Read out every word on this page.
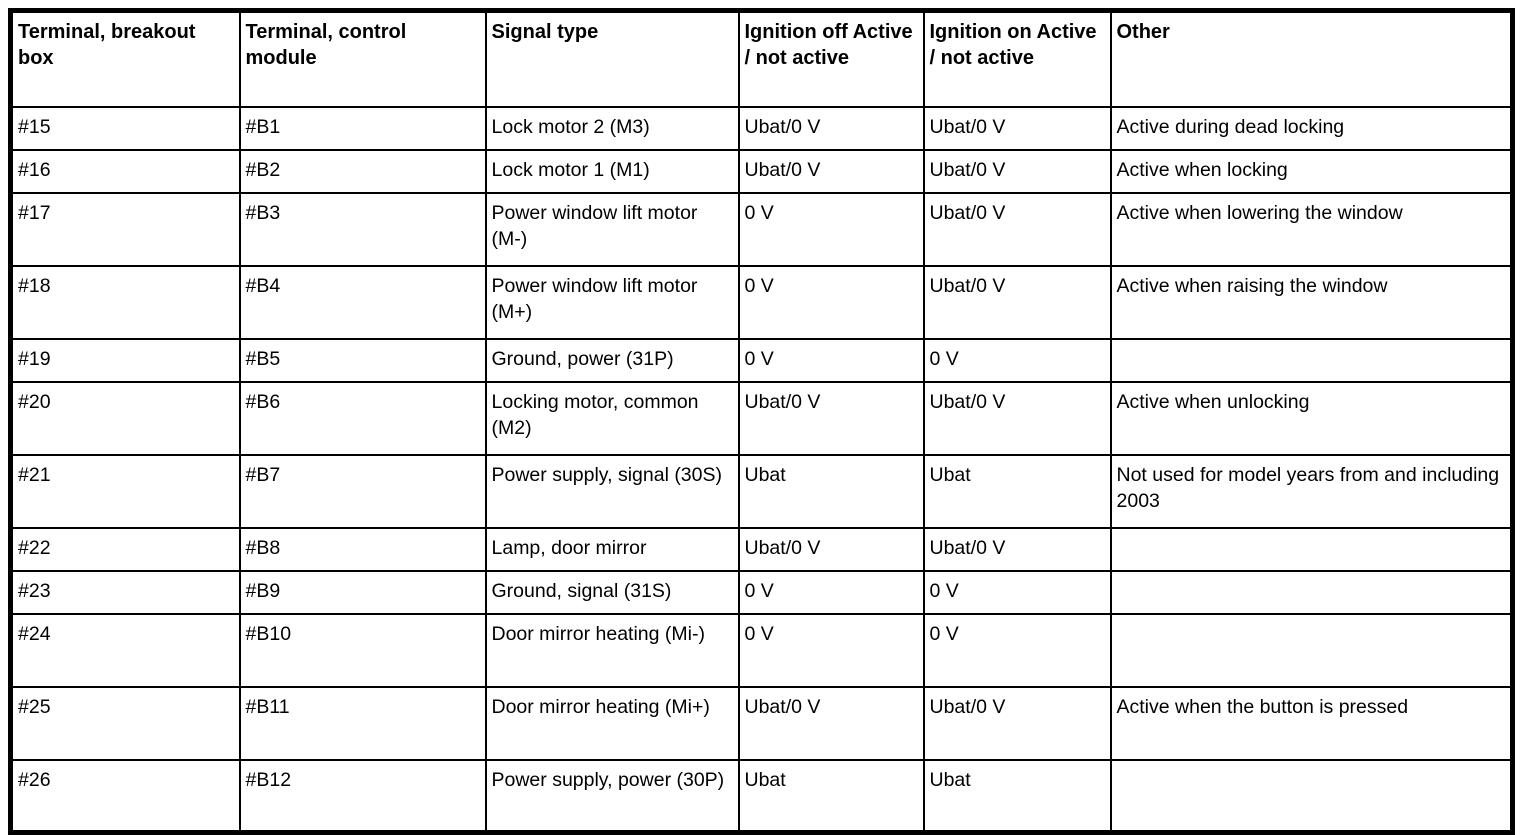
Terminal, breakout box	Terminal, control module	Signal type	Ignition off Active / not active	Ignition on Active / not active	Other
#15	#B1	Lock motor 2 (M3)	Ubat/0 V	Ubat/0 V	Active during dead locking
#16	#B2	Lock motor 1 (M1)	Ubat/0 V	Ubat/0 V	Active when locking
#17	#B3	Power window lift motor (M-)	0 V	Ubat/0 V	Active when lowering the window
#18	#B4	Power window lift motor (M+)	0 V	Ubat/0 V	Active when raising the window
#19	#B5	Ground, power (31P)	0 V	0 V	
#20	#B6	Locking motor, common (M2)	Ubat/0 V	Ubat/0 V	Active when unlocking
#21	#B7	Power supply, signal (30S)	Ubat	Ubat	Not used for model years from and including 2003
#22	#B8	Lamp, door mirror	Ubat/0 V	Ubat/0 V	
#23	#B9	Ground, signal (31S)	0 V	0 V	
#24	#B10	Door mirror heating (Mi-)	0 V	0 V	
#25	#B11	Door mirror heating (Mi+)	Ubat/0 V	Ubat/0 V	Active when the button is pressed
#26	#B12	Power supply, power (30P)	Ubat	Ubat	
